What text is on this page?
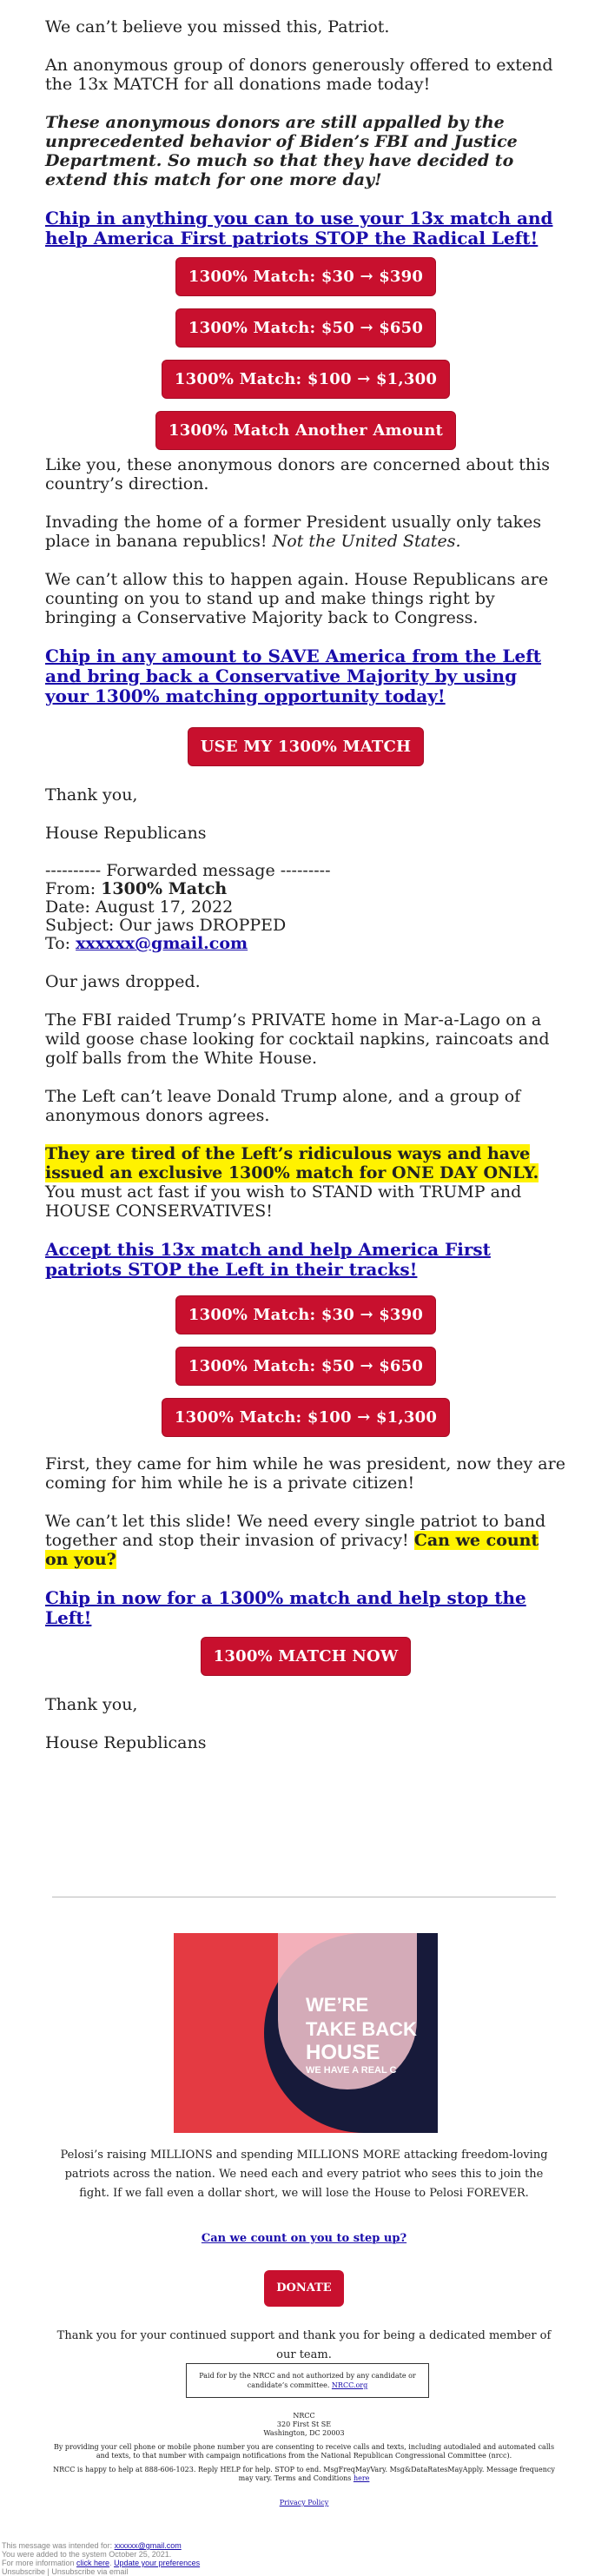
We can’t believe you missed this, Patriot.

An anonymous group of donors generously offered to extend the 13x MATCH for all donations made today!

These anonymous donors are still appalled by the unprecedented behavior of Biden’s FBI and Justice Department. So much so that they have decided to extend this match for one more day!

Chip in anything you can to use your 13x match and help America First patriots STOP the Radical Left!
1300% Match: $30 → $390
1300% Match: $50 → $650
1300% Match: $100 → $1,300
1300% Match Another Amount

Like you, these anonymous donors are concerned about this country’s direction.

Invading the home of a former President usually only takes place in banana republics! Not the United States.

We can’t allow this to happen again. House Republicans are counting on you to stand up and make things right by bringing a Conservative Majority back to Congress.

Chip in any amount to SAVE America from the Left and bring back a Conservative Majority by using your 1300% matching opportunity today!
USE MY 1300% MATCH

Thank you,

House Republicans

---------- Forwarded message ---------
From: 1300% Match
Date: August 17, 2022
Subject: Our jaws DROPPED
To: xxxxxx@gmail.com

Our jaws dropped.

The FBI raided Trump’s PRIVATE home in Mar-a-Lago on a wild goose chase looking for cocktail napkins, raincoats and golf balls from the White House.

The Left can’t leave Donald Trump alone, and a group of anonymous donors agrees.

They are tired of the Left’s ridiculous ways and have issued an exclusive 1300% match for ONE DAY ONLY. You must act fast if you wish to STAND with TRUMP and HOUSE CONSERVATIVES!

Accept this 13x match and help America First patriots STOP the Left in their tracks!
1300% Match: $30 → $390
1300% Match: $50 → $650
1300% Match: $100 → $1,300

First, they came for him while he was president, now they are coming for him while he is a private citizen!

We can’t let this slide! We need every single patriot to band together and stop their invasion of privacy! Can we count on you?

Chip in now for a 1300% match and help stop the Left!
1300% MATCH NOW

Thank you,

House Republicans

WE’RE
TAKE BACK
HOUSE
WE HAVE A REAL C
Pelosi’s raising MILLIONS and spending MILLIONS MORE attacking freedom-loving patriots across the nation. We need each and every patriot who sees this to join the fight. If we fall even a dollar short, we will lose the House to Pelosi FOREVER.
Can we count on you to step up?
DONATE
Thank you for your continued support and thank you for being a dedicated member of our team.
Paid for by the NRCC and not authorized by any candidate or candidate’s committee. NRCC.org
NRCC
320 First St SE
Washington, DC 20003
By providing your cell phone or mobile phone number you are consenting to receive calls and texts, including autodialed and automated calls and texts, to that number with campaign notifications from the National Republican Congressional Committee (nrcc).
NRCC is happy to help at 888-606-1023. Reply HELP for help. STOP to end. MsgFreqMayVary. Msg&DataRatesMayApply. Message frequency may vary. Terms and Conditions here
Privacy Policy
This message was intended for: xxxxxx@gmail.com
You were added to the system October 25, 2021.
For more information click here. Update your preferences
Unsubscribe | Unsubscribe via email
